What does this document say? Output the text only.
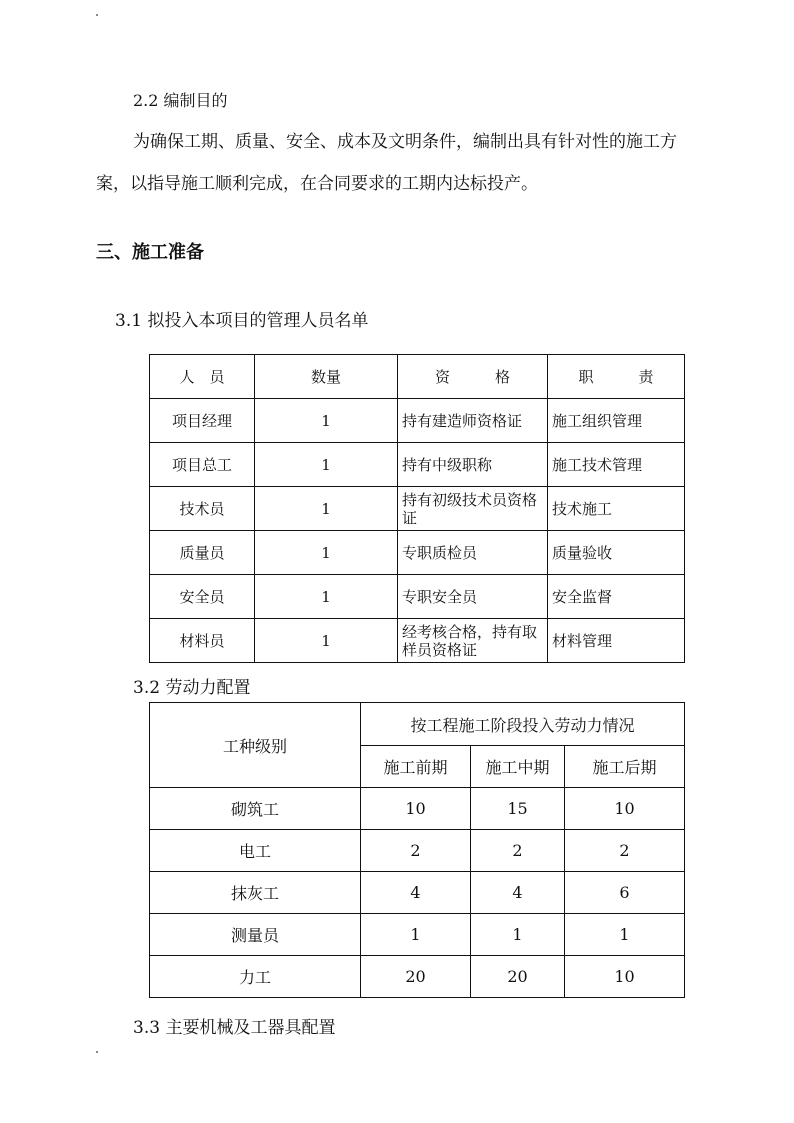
2.2 编制目的
为确保工期、质量、安全、成本及文明条件，编制出具有针对性的施工方
案，以指导施工顺利完成，在合同要求的工期内达标投产。
三、施工准备
3.1 拟投入本项目的管理人员名单
人　员	数量	资　　　格	职　　　责
项目经理	1	持有建造师资格证	施工组织管理
项目总工	1	持有中级职称	施工技术管理
技术员	1	持有初级技术员资格证	技术施工
质量员	1	专职质检员	质量验收
安全员	1	专职安全员	安全监督
材料员	1	经考核合格，持有取样员资格证	材料管理
3.2 劳动力配置
工种级别	按工程施工阶段投入劳动力情况		
	施工前期	施工中期	施工后期
砌筑工	10	15	10
电工	2	2	2
抹灰工	4	4	6
测量员	1	1	1
力工	20	20	10
3.3 主要机械及工器具配置
